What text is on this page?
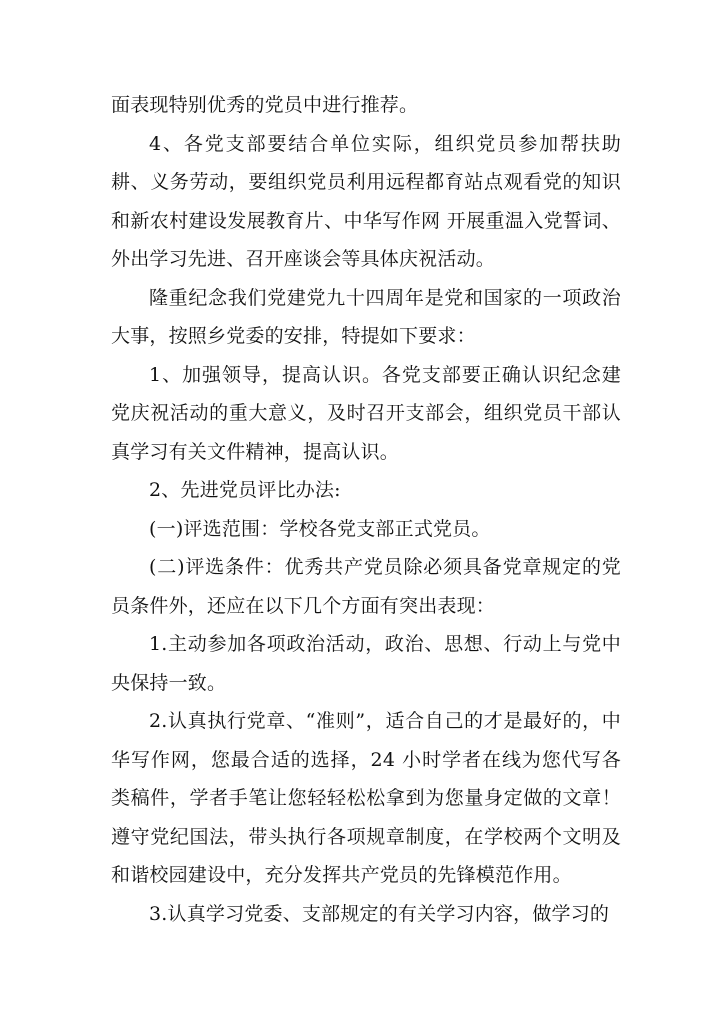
面表现特别优秀的党员中进行推荐。

4、各党支部要结合单位实际，组织党员参加帮扶助耕、义务劳动，要组织党员利用远程都育站点观看党的知识和新农村建设发展教育片、中华写作网 开展重温入党誓词、外出学习先进、召开座谈会等具体庆祝活动。

隆重纪念我们党建党九十四周年是党和国家的一项政治大事，按照乡党委的安排，特提如下要求：

1、加强领导，提高认识。各党支部要正确认识纪念建党庆祝活动的重大意义，及时召开支部会，组织党员干部认真学习有关文件精神，提高认识。

2、先进党员评比办法:

(一)评选范围：学校各党支部正式党员。

(二)评选条件：优秀共产党员除必须具备党章规定的党员条件外，还应在以下几个方面有突出表现：

1.主动参加各项政治活动，政治、思想、行动上与党中央保持一致。

2.认真执行党章、“准则”，适合自己的才是最好的，中华写作网，您最合适的选择，24 小时学者在线为您代写各类稿件，学者手笔让您轻轻松松拿到为您量身定做的文章！遵守党纪国法，带头执行各项规章制度，在学校两个文明及和谐校园建设中，充分发挥共产党员的先锋模范作用。

3.认真学习党委、支部规定的有关学习内容，做学习的
